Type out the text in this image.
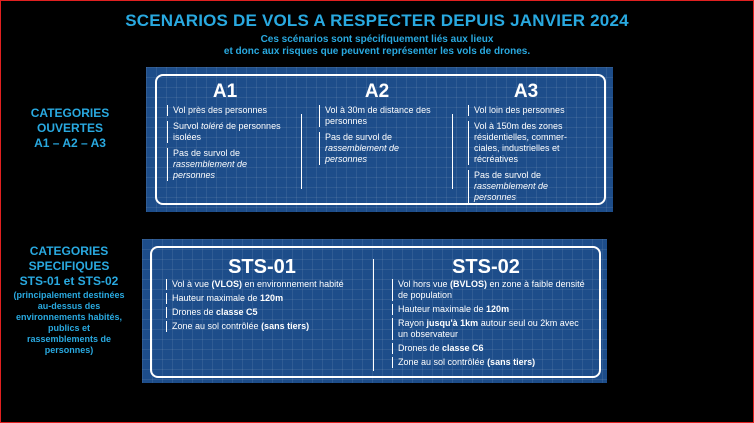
SCENARIOS DE VOLS A RESPECTER DEPUIS JANVIER 2024
Ces scénarios sont spécifiquement liés aux lieux
et donc aux risques que peuvent représenter les vols de drones.
CATEGORIES
OUVERTES
A1 – A2 – A3
A1
Vol près des personnes
Survol toléré de personnes isolées
Pas de survol de rassemblement de personnes
A2
Vol à 30m de distance des personnes
Pas de survol de rassemblement de personnes
A3
Vol loin des personnes
Vol à 150m des zones résidentielles, commer-ciales, industrielles et récréatives
Pas de survol de rassemblement de personnes
CATEGORIES
SPECIFIQUES
STS-01 et STS-02
(principalement destinées au-dessus des environnements habités, publics et rassemblements de personnes)
STS-01
Vol à vue (VLOS) en environnement habité
Hauteur maximale de 120m
Drones de classe C5
Zone au sol contrôlée (sans tiers)
STS-02
Vol hors vue (BVLOS) en zone à faible densité de population
Hauteur maximale de 120m
Rayon jusqu'à 1km autour seul ou 2km avec un observateur
Drones de classe C6
Zone au sol contrôlée (sans tiers)
